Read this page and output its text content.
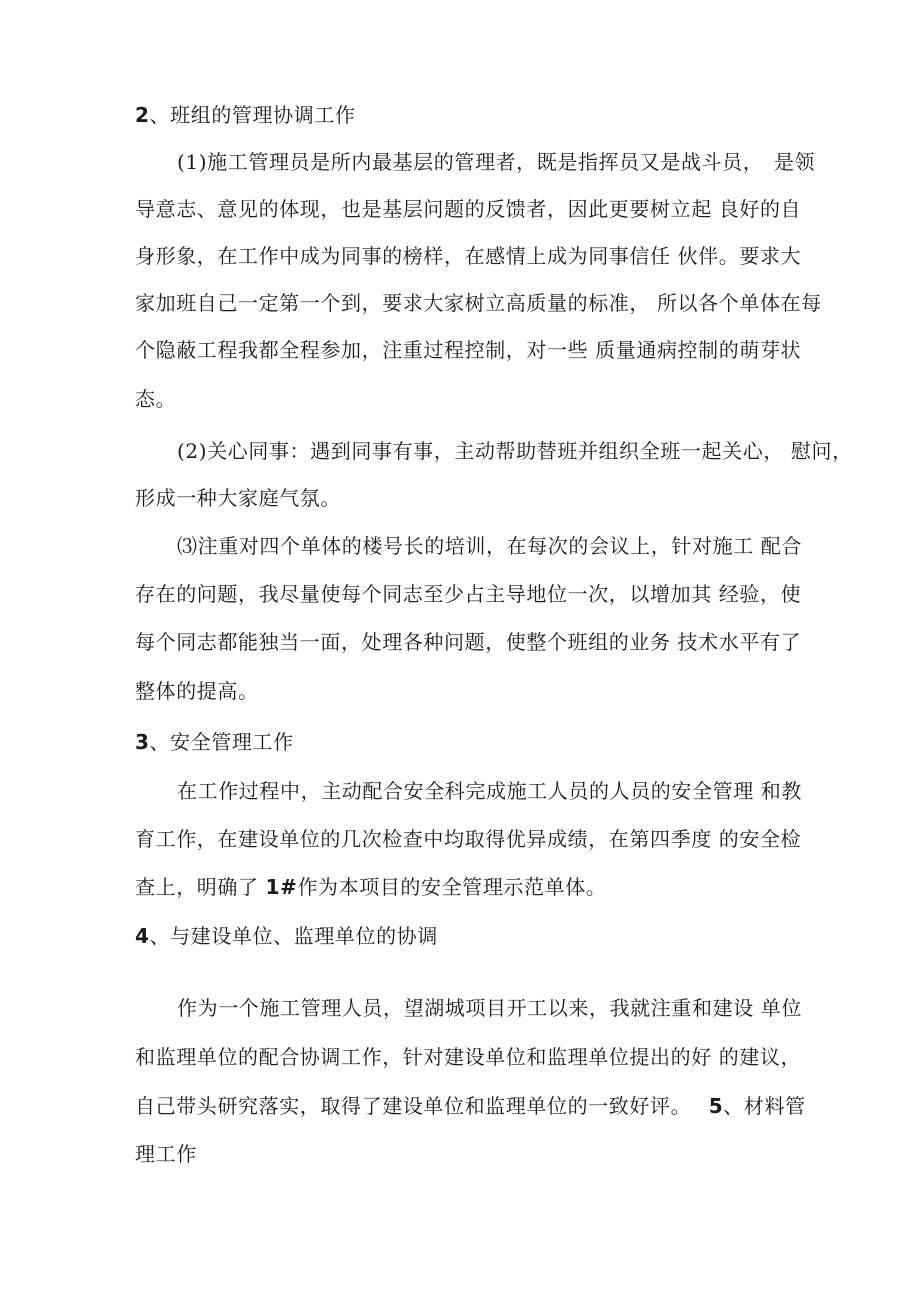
2、班组的管理协调工作

(1)施工管理员是所内最基层的管理者，既是指挥员又是战斗员，　是领

导意志、意见的体现，也是基层问题的反馈者，因此更要树立起 良好的自

身形象，在工作中成为同事的榜样，在感情上成为同事信任 伙伴。要求大

家加班自己一定第一个到，要求大家树立高质量的标准， 所以各个单体在每

个隐蔽工程我都全程参加，注重过程控制，对一些 质量通病控制的萌芽状

态。

(2)关心同事：遇到同事有事，主动帮助替班并组织全班一起关心， 慰问，

形成一种大家庭气氛。

⑶注重对四个单体的楼号长的培训，在每次的会议上，针对施工 配合

存在的问题，我尽量使每个同志至少占主导地位一次，以增加其 经验，使

每个同志都能独当一面，处理各种问题，使整个班组的业务 技术水平有了

整体的提高。

3、安全管理工作

在工作过程中，主动配合安全科完成施工人员的人员的安全管理 和教

育工作，在建设单位的几次检查中均取得优异成绩，在第四季度 的安全检

查上，明确了 1#作为本项目的安全管理示范单体。

4、与建设单位、监理单位的协调

作为一个施工管理人员，望湖城项目开工以来，我就注重和建设 单位

和监理单位的配合协调工作，针对建设单位和监理单位提出的好 的建议，

自己带头研究落实，取得了建设单位和监理单位的一致好评。　 5、材料管

理工作
